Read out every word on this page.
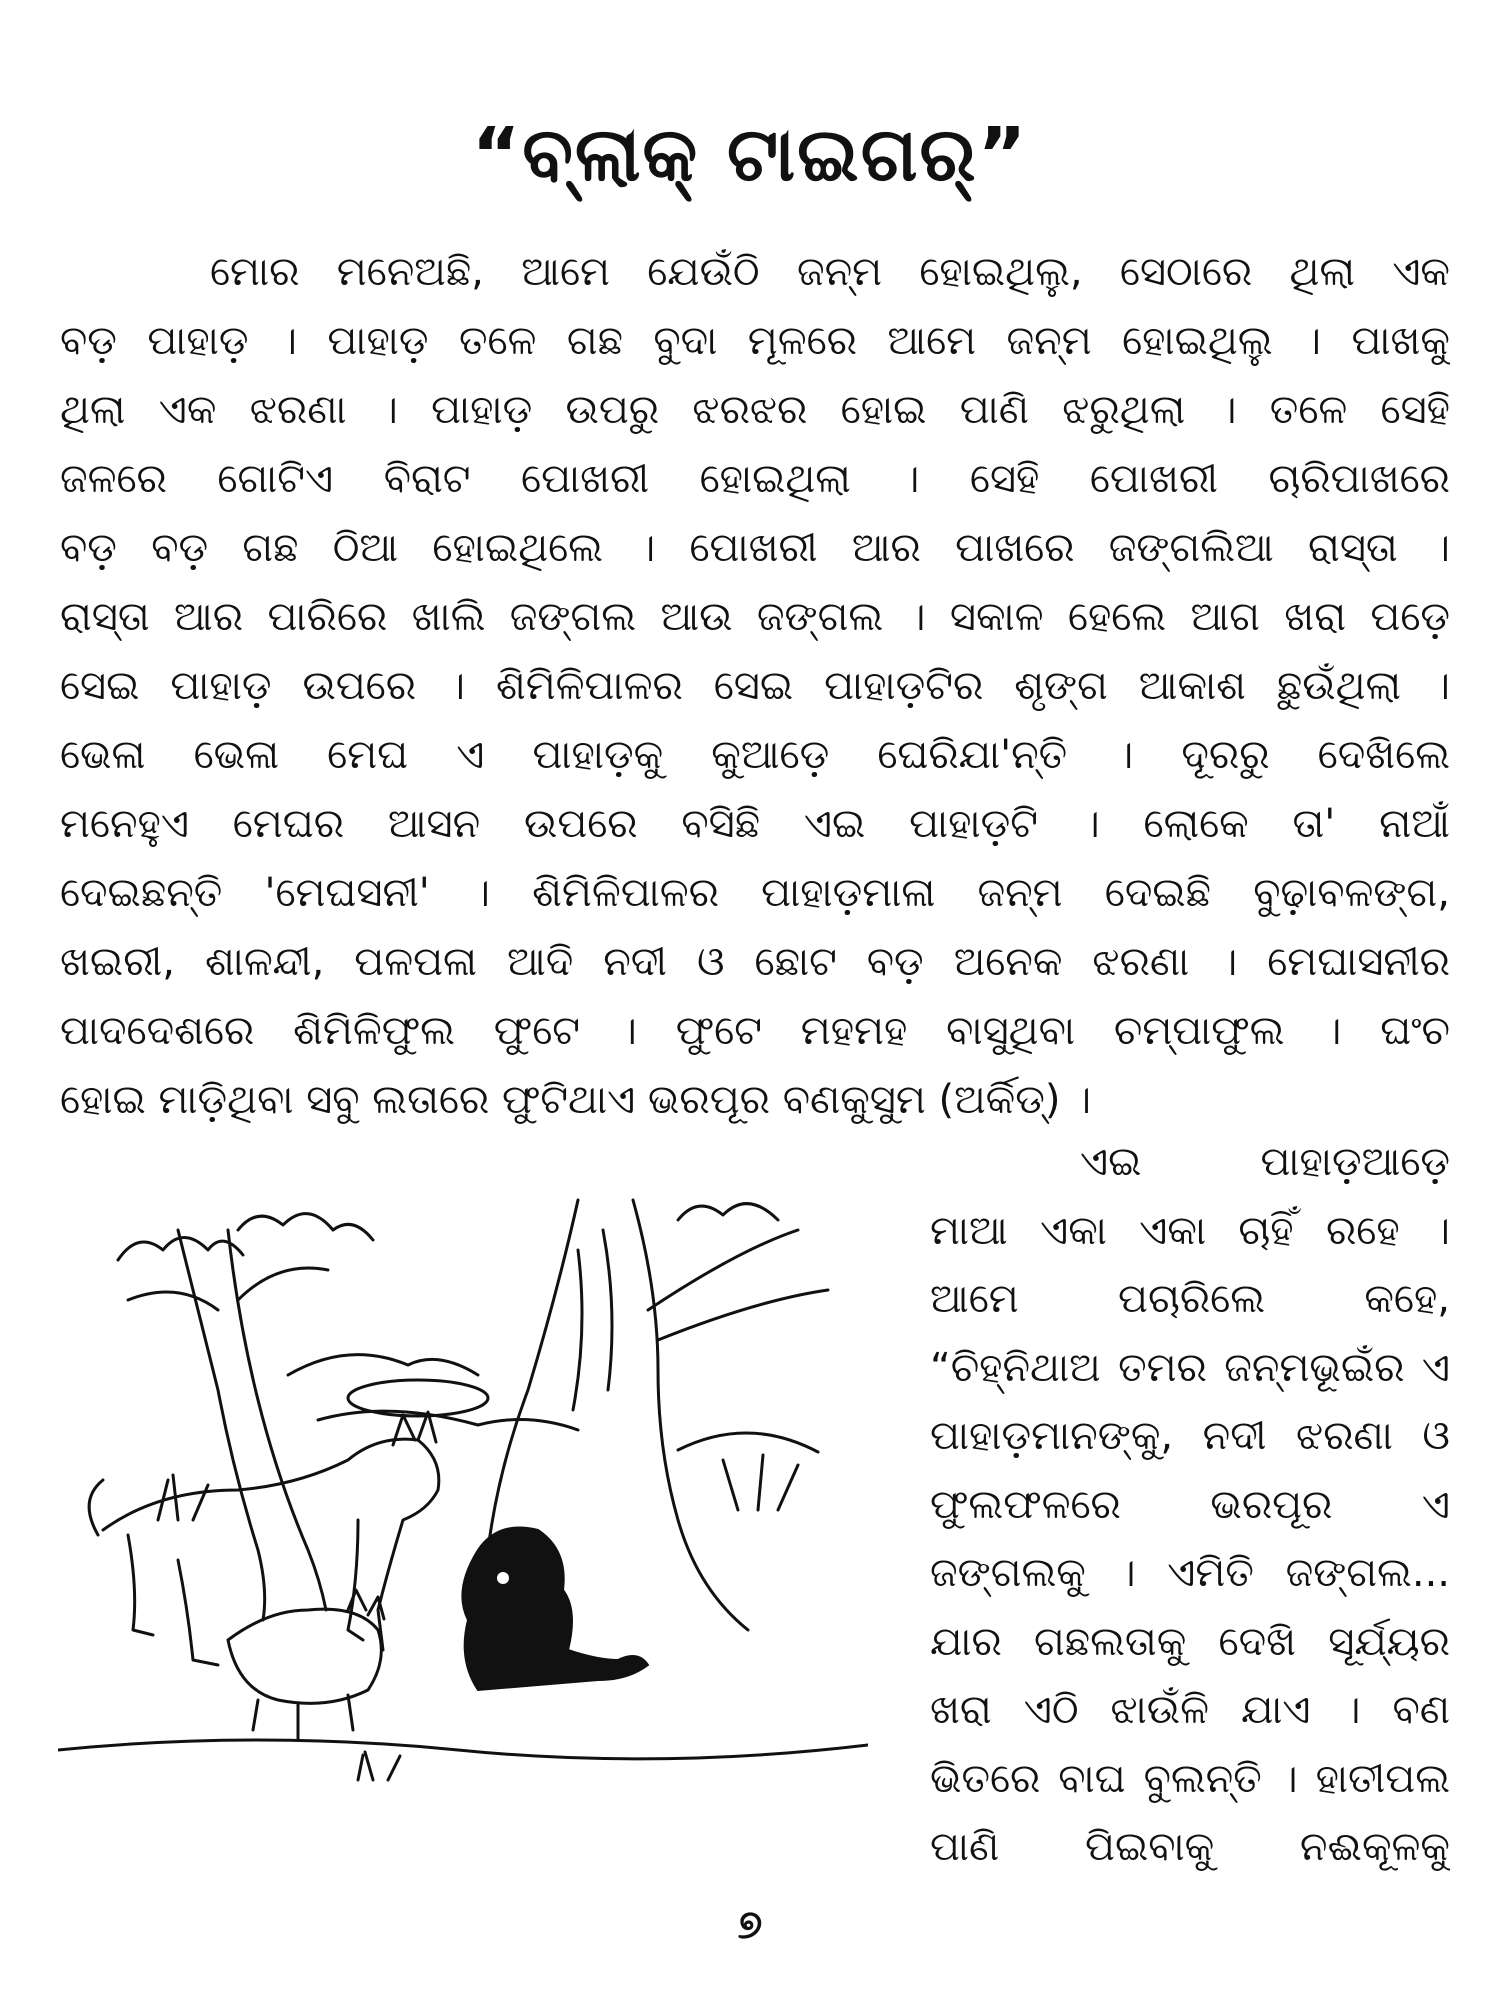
“ବ୍ଲାକ୍ ଟାଇଗର୍”
ମୋର ମନେଅଛି, ଆମେ ଯେଉଁଠି ଜନ୍ମ ହୋଇଥିଲୁ, ସେଠାରେ ଥିଲା ଏକ
ବଡ଼ ପାହାଡ଼ । ପାହାଡ଼ ତଳେ ଗଛ ବୁଦା ମୂଳରେ ଆମେ ଜନ୍ମ ହୋଇଥିଲୁ । ପାଖକୁ
ଥିଲା ଏକ ଝରଣା । ପାହାଡ଼ ଉପରୁ ଝରଝର ହୋଇ ପାଣି ଝରୁଥିଲା । ତଳେ ସେହି
ଜଳରେ ଗୋଟିଏ ବିରାଟ ପୋଖରୀ ହୋଇଥିଲା । ସେହି ପୋଖରୀ ଚାରିପାଖରେ
ବଡ଼ ବଡ଼ ଗଛ ଠିଆ ହୋଇଥିଲେ । ପୋଖରୀ ଆର ପାଖରେ ଜଙ୍ଗଲିଆ ରାସ୍ତା ।
ରାସ୍ତା ଆର ପାରିରେ ଖାଲି ଜଙ୍ଗଲ ଆଉ ଜଙ୍ଗଲ । ସକାଳ ହେଲେ ଆଗ ଖରା ପଡ଼େ
ସେଇ ପାହାଡ଼ ଉପରେ । ଶିମିଳିପାଳର ସେଇ ପାହାଡ଼ଟିର ଶୃଙ୍ଗ ଆକାଶ ଛୁଉଁଥିଲା ।
ଭେଳା ଭେଳା ମେଘ ଏ ପାହାଡ଼କୁ କୁଆଡ଼େ ଘେରିଯା'ନ୍ତି । ଦୂରରୁ ଦେଖିଲେ
ମନେହୁଏ ମେଘର ଆସନ ଉପରେ ବସିଛି ଏଇ ପାହାଡ଼ଟି । ଲୋକେ ତା' ନାଆଁ
ଦେଇଛନ୍ତି 'ମେଘସନୀ' । ଶିମିଳିପାଳର ପାହାଡ଼ମାଳା ଜନ୍ମ ଦେଇଛି ବୁଢ଼ାବଳଙ୍ଗ,
ଖଇରୀ, ଶାଳନ୍ଦୀ, ପଳପଳା ଆଦି ନଦୀ ଓ ଛୋଟ ବଡ଼ ଅନେକ ଝରଣା । ମେଘାସନୀର
ପାଦଦେଶରେ ଶିମିଳିଫୁଲ ଫୁଟେ । ଫୁଟେ ମହମହ ବାସୁଥିବା ଚମ୍ପାଫୁଲ । ଘଂଚ
ହୋଇ ମାଡ଼ିଥିବା ସବୁ ଲତାରେ ଫୁଟିଥାଏ ଭରପୂର ବଣକୁସୁମ (ଅର୍କିଡ୍) ।
ଏଇ ପାହାଡ଼ଆଡ଼େ
ମାଆ ଏକା ଏକା ଚାହିଁ ରହେ ।
ଆମେ ପଚାରିଲେ କହେ,
“ଚିହ୍ନିଥାଅ ତମର ଜନ୍ମଭୂଇଁର ଏ
ପାହାଡ଼ମାନଙ୍କୁ, ନଦୀ ଝରଣା ଓ
ଫୁଲଫଳରେ ଭରପୂର ଏ
ଜଙ୍ଗଲକୁ । ଏମିତି ଜଙ୍ଗଲ...
ଯାର ଗଛଲତାକୁ ଦେଖି ସୂର୍ଯ୍ୟର
ଖରା ଏଠି ଝାଉଁଳି ଯାଏ । ବଣ
ଭିତରେ ବାଘ ବୁଲନ୍ତି । ହାତୀପଲ
ପାଣି ପିଇବାକୁ ନଈକୂଳକୁ
୭
